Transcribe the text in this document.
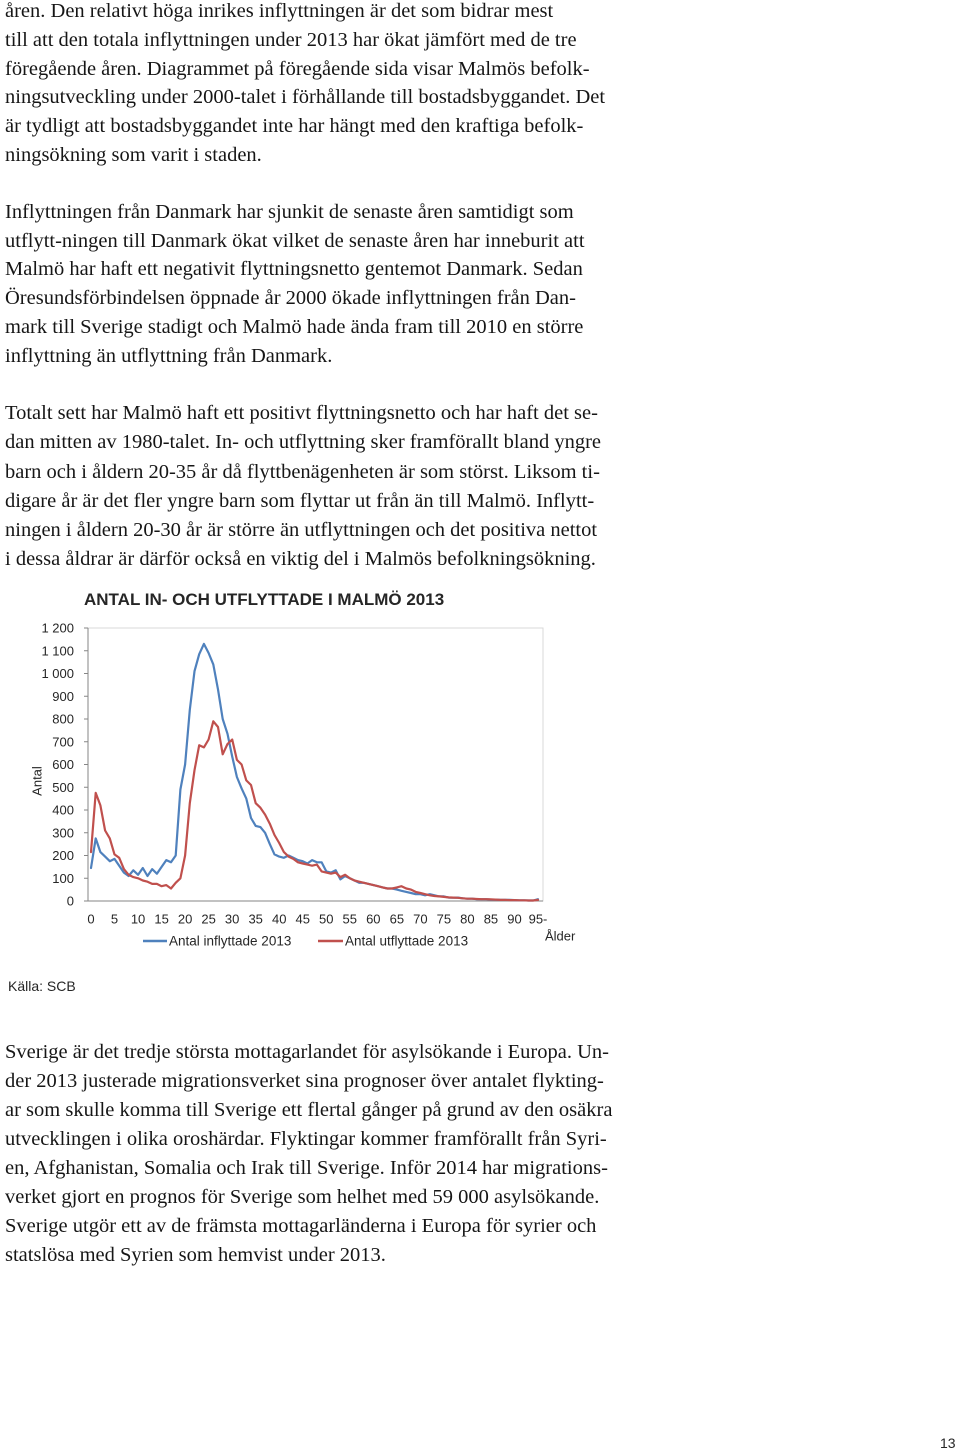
åren. Den relativt höga inrikes inflyttningen är det som bidrar mest
till att den totala inflyttningen under 2013 har ökat jämfört med de tre
föregående åren. Diagrammet på föregående sida visar Malmös befolk-
ningsutveckling under 2000-talet i förhållande till bostadsbyggandet. Det
är tydligt att bostadsbyggandet inte har hängt med den kraftiga befolk-
ningsökning som varit i staden.
Inflyttningen från Danmark har sjunkit de senaste åren samtidigt som
utflytt-ningen till Danmark ökat vilket de senaste åren har inneburit att
Malmö har haft ett negativit flyttningsnetto gentemot Danmark. Sedan
Öresundsförbindelsen öppnade år 2000 ökade inflyttningen från Dan-
mark till Sverige stadigt och Malmö hade ända fram till 2010 en större
inflyttning än utflyttning från Danmark.
Totalt sett har Malmö haft ett positivt flyttningsnetto och har haft det se-
dan mitten av 1980-talet. In- och utflyttning sker framförallt bland yngre
barn och i åldern 20-35 år då flyttbenägenheten är som störst. Liksom ti-
digare år är det fler yngre barn som flyttar ut från än till Malmö. Inflytt-
ningen i åldern 20-30 år är större än utflyttningen och det positiva nettot
i dessa åldrar är därför också en viktig del i Malmös befolkningsökning.
ANTAL IN- OCH UTFLYTTADE I MALMÖ 2013
0
100
200
300
400
500
600
700
800
900
1 000
1 100
1 200
0 5 10 15 20 25 30 35 40 45 50 55 60 65 70 75 80 85 90 95-
Antal
Ålder
Antal inflyttade 2013	Antal utflyttade 2013
Källa: SCB
Sverige är det tredje största mottagarlandet för asylsökande i Europa. Un-
der 2013 justerade migrationsverket sina prognoser över antalet flykting-
ar som skulle komma till Sverige ett flertal gånger på grund av den osäkra
utvecklingen i olika oroshärdar. Flyktingar kommer framförallt från Syri-
en, Afghanistan, Somalia och Irak till Sverige. Inför 2014 har migrations-
verket gjort en prognos för Sverige som helhet med 59 000 asylsökande.
Sverige utgör ett av de främsta mottagarländerna i Europa för syrier och
statslösa med Syrien som hemvist under 2013.
13
